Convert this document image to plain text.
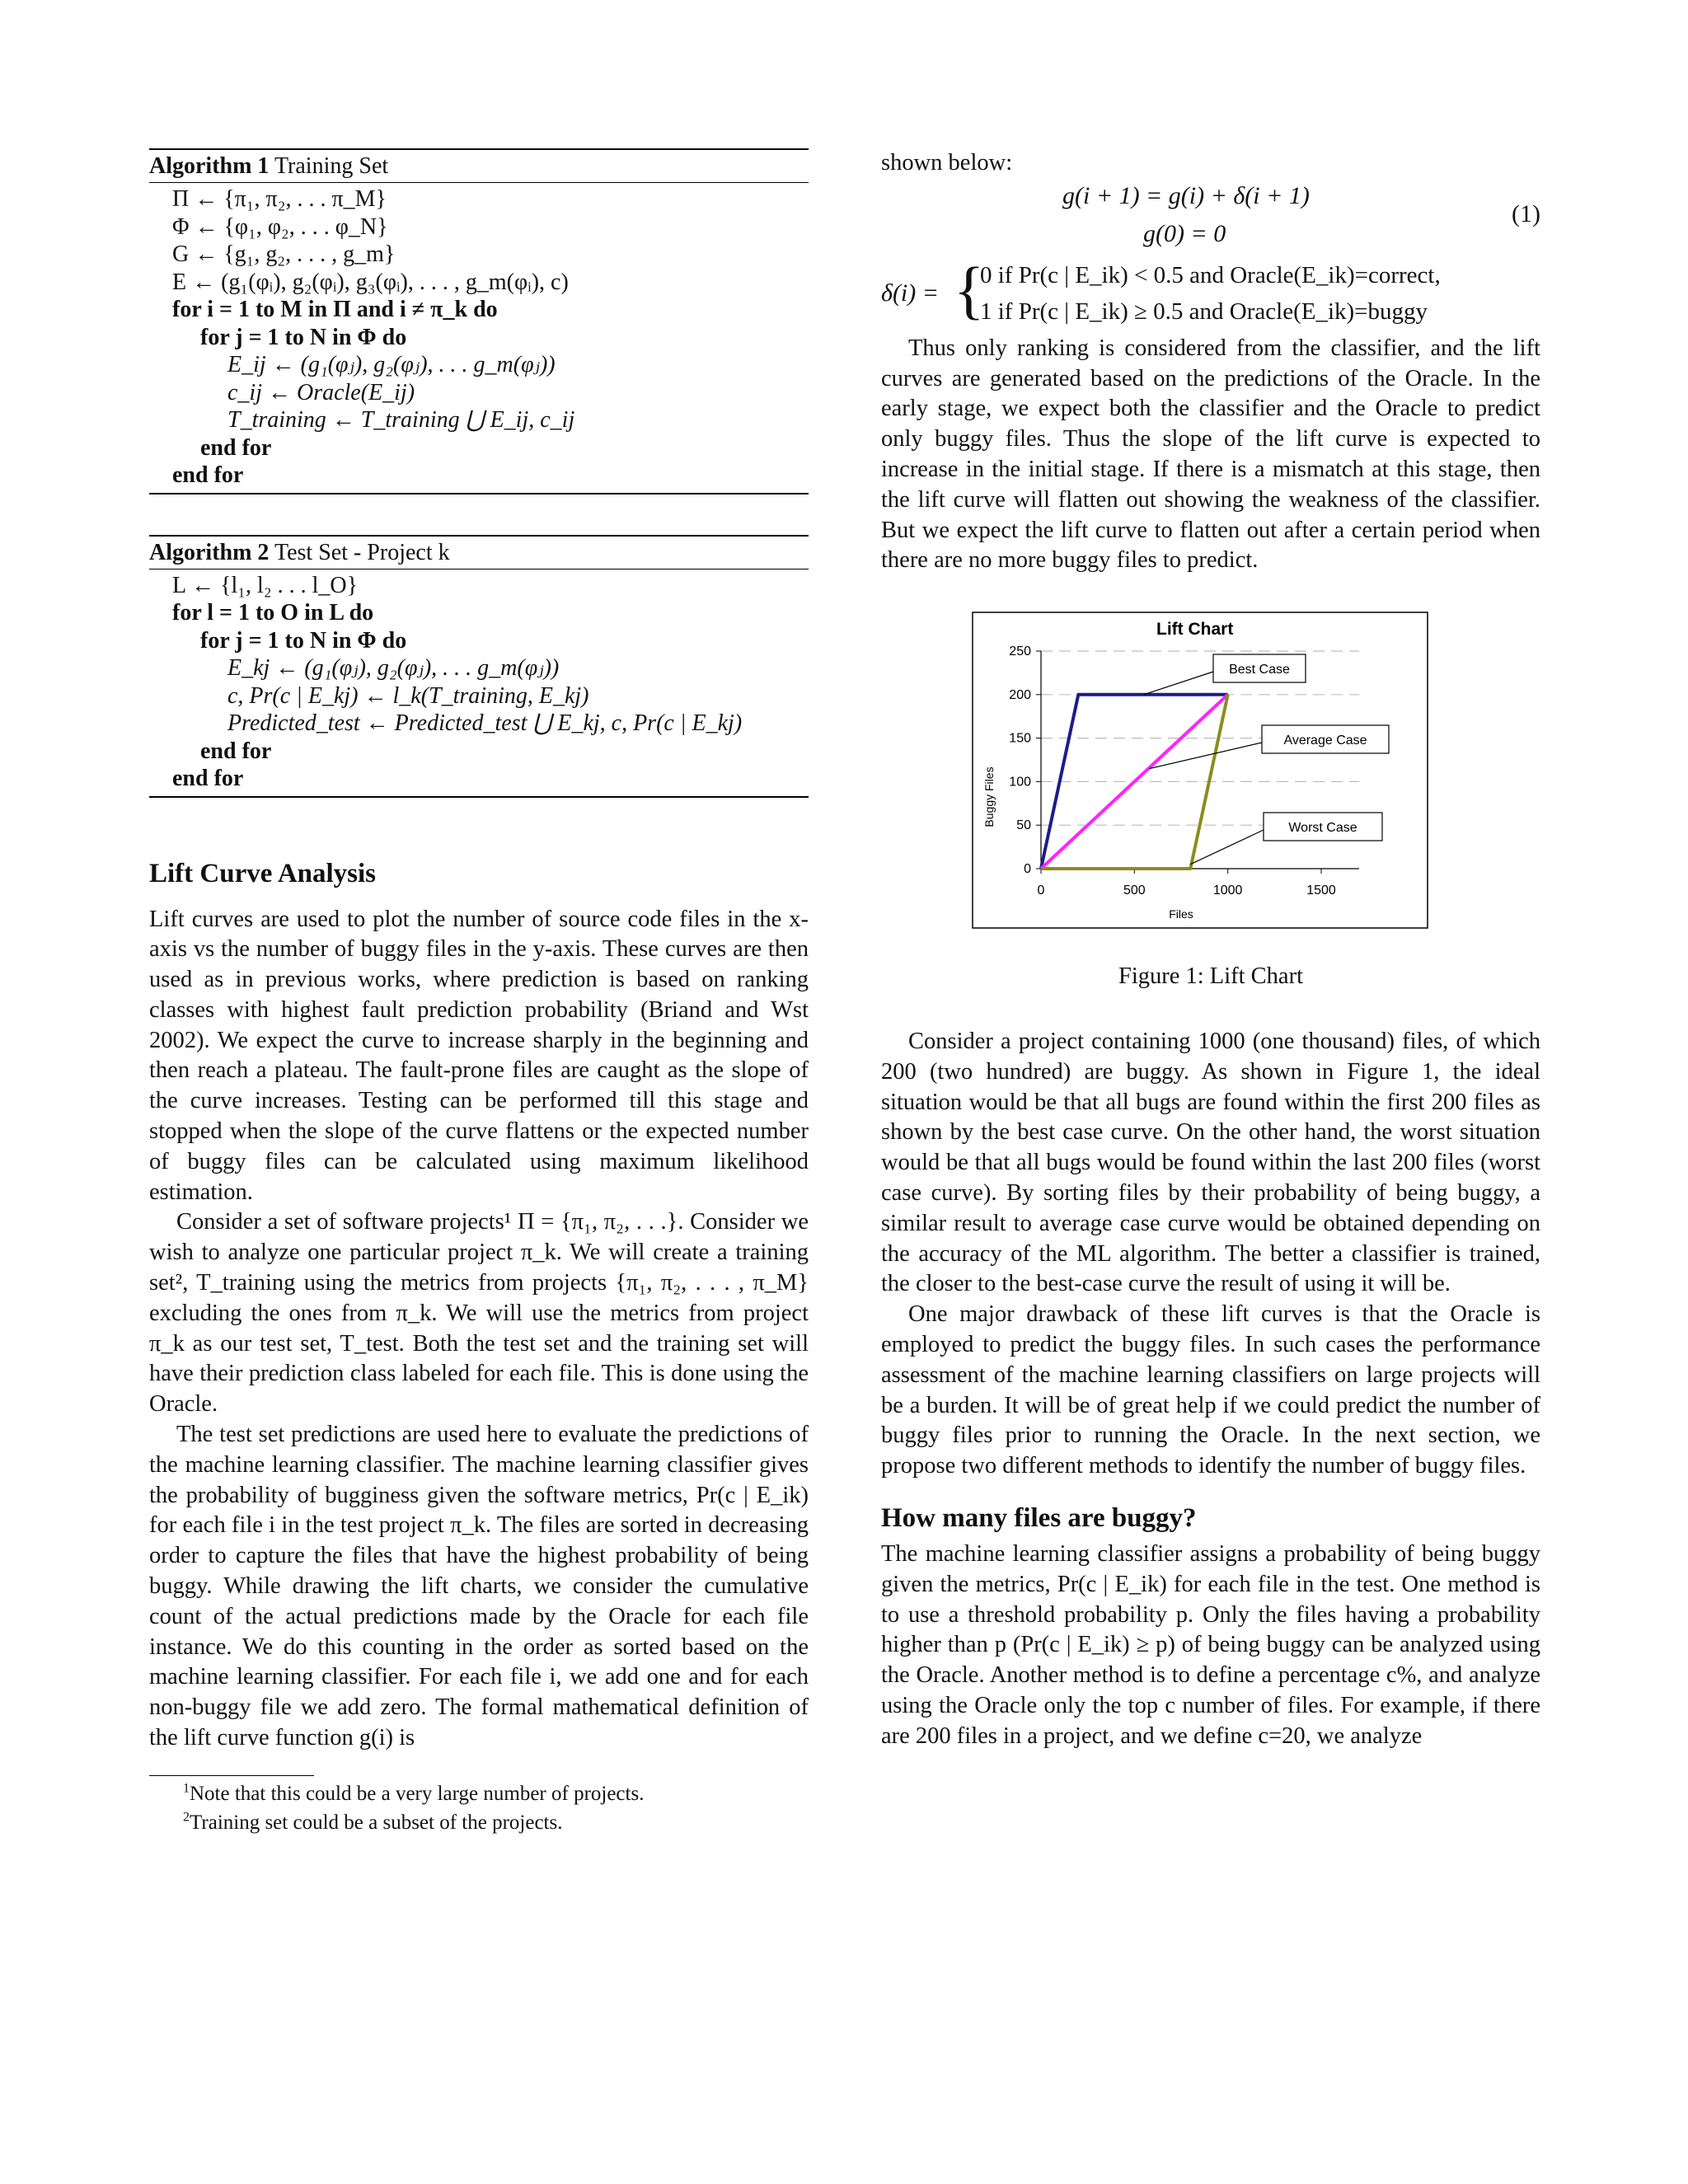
Algorithm 1 Training Set
Π ← {π₁, π₂, . . . π_M}
Φ ← {φ₁, φ₂, . . . φ_N}
G ← {g₁, g₂, . . . , g_m}
E ← (g₁(φᵢ), g₂(φᵢ), g₃(φᵢ), . . . , g_m(φᵢ), c)
for i = 1 to M in Π and i ≠ π_k do
for j = 1 to N in Φ do
E_ij ← (g₁(φⱼ), g₂(φⱼ), . . . g_m(φⱼ))
c_ij ← Oracle(E_ij)
T_training ← T_training ⋃ E_ij, c_ij
end for
end for
Algorithm 2 Test Set - Project k
L ← {l₁, l₂ . . . l_O}
for l = 1 to O in L do
for j = 1 to N in Φ do
E_kj ← (g₁(φⱼ), g₂(φⱼ), . . . g_m(φⱼ))
c, Pr(c | E_kj) ← l_k(T_training, E_kj)
Predicted_test ← Predicted_test ⋃ E_kj, c, Pr(c | E_kj)
end for
end for
Lift Curve Analysis

Lift curves are used to plot the number of source code files in the x-axis vs the number of buggy files in the y-axis. These curves are then used as in previous works, where prediction is based on ranking classes with highest fault prediction probability (Briand and Wst 2002). We expect the curve to increase sharply in the beginning and then reach a plateau. The fault-prone files are caught as the slope of the curve increases. Testing can be performed till this stage and stopped when the slope of the curve flattens or the expected number of buggy files can be calculated using maximum likelihood estimation.

Consider a set of software projects¹ Π = {π₁, π₂, . . .}. Consider we wish to analyze one particular project π_k. We will create a training set², T_training using the metrics from projects {π₁, π₂, . . . , π_M} excluding the ones from π_k. We will use the metrics from project π_k as our test set, T_test. Both the test set and the training set will have their prediction class labeled for each file. This is done using the Oracle.

The test set predictions are used here to evaluate the predictions of the machine learning classifier. The machine learning classifier gives the probability of bugginess given the software metrics, Pr(c | E_ik) for each file i in the test project π_k. The files are sorted in decreasing order to capture the files that have the highest probability of being buggy. While drawing the lift charts, we consider the cumulative count of the actual predictions made by the Oracle for each file instance. We do this counting in the order as sorted based on the machine learning classifier. For each file i, we add one and for each non-buggy file we add zero. The formal mathematical definition of the lift curve function g(i) is

$^1$Note that this could be a very large number of projects.
$^2$Training set could be a subset of the projects.

shown below:

g(i + 1) = g(i) + δ(i + 1)
g(0) = 0
(1)
δ(i) = {
0 if Pr(c | E_ik) < 0.5 and Oracle(E_ik)=correct,
1 if Pr(c | E_ik) ≥ 0.5 and Oracle(E_ik)=buggy

Thus only ranking is considered from the classifier, and the lift curves are generated based on the predictions of the Oracle. In the early stage, we expect both the classifier and the Oracle to predict only buggy files. Thus the slope of the lift curve is expected to increase in the initial stage. If there is a mismatch at this stage, then the lift curve will flatten out showing the weakness of the classifier. But we expect the lift curve to flatten out after a certain period when there are no more buggy files to predict.

Lift Chart
0
50
100
150
200
250
0	500	1000	1500
Best Case
Average Case
Worst Case
Files
Buggy Files

Figure 1: Lift Chart

Consider a project containing 1000 (one thousand) files, of which 200 (two hundred) are buggy. As shown in Figure 1, the ideal situation would be that all bugs are found within the first 200 files as shown by the best case curve. On the other hand, the worst situation would be that all bugs would be found within the last 200 files (worst case curve). By sorting files by their probability of being buggy, a similar result to average case curve would be obtained depending on the accuracy of the ML algorithm. The better a classifier is trained, the closer to the best-case curve the result of using it will be.

One major drawback of these lift curves is that the Oracle is employed to predict the buggy files. In such cases the performance assessment of the machine learning classifiers on large projects will be a burden. It will be of great help if we could predict the number of buggy files prior to running the Oracle. In the next section, we propose two different methods to identify the number of buggy files.

How many files are buggy?

The machine learning classifier assigns a probability of being buggy given the metrics, Pr(c | E_ik) for each file in the test. One method is to use a threshold probability p. Only the files having a probability higher than p (Pr(c | E_ik) ≥ p) of being buggy can be analyzed using the Oracle. Another method is to define a percentage c%, and analyze using the Oracle only the top c number of files. For example, if there are 200 files in a project, and we define c=20, we analyze
